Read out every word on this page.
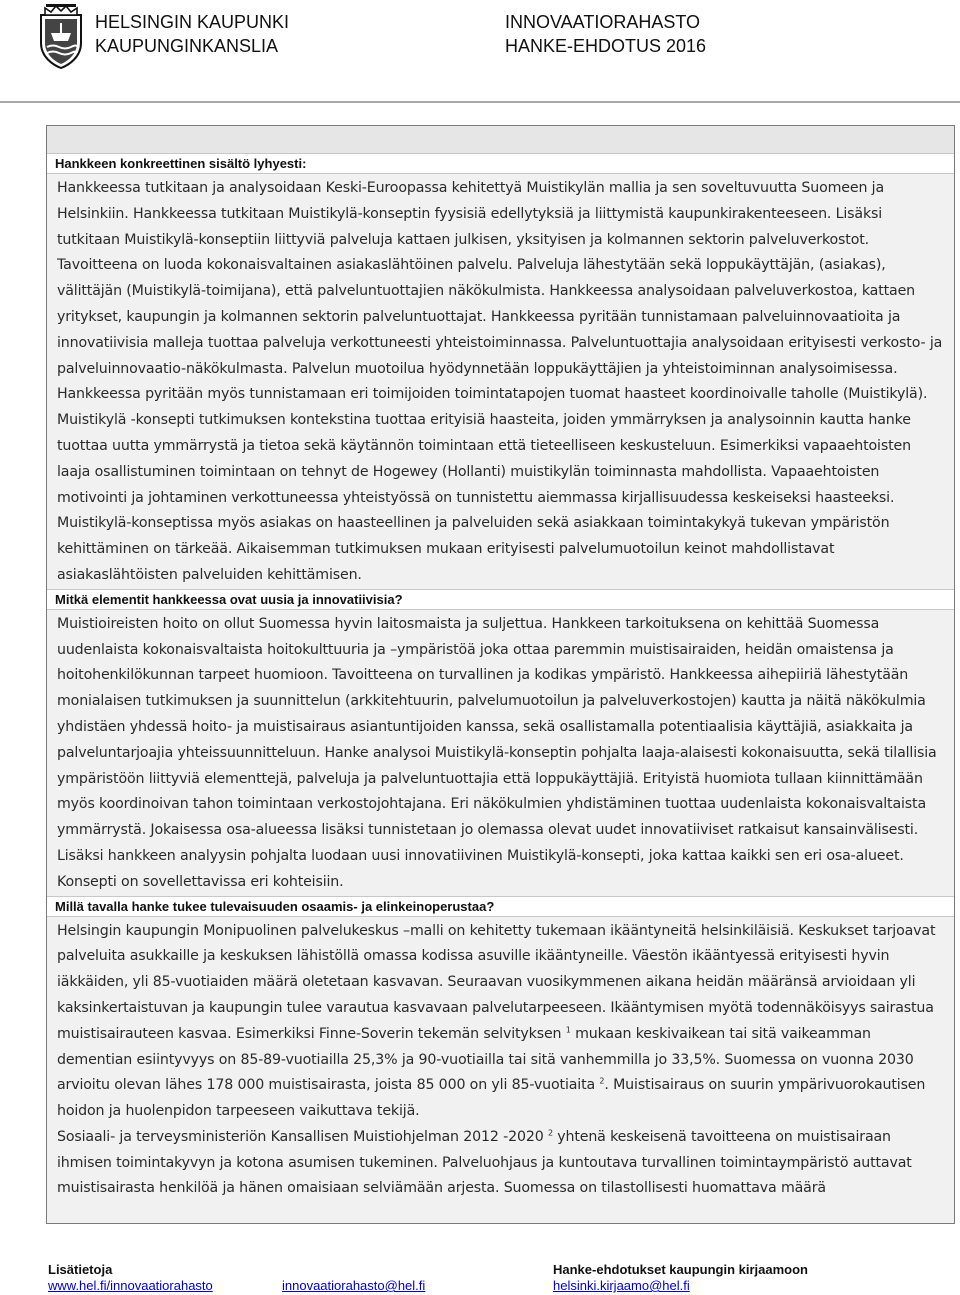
HELSINGIN KAUPUNKI
KAUPUNGINKANSLIA
INNOVAATIORAHASTO
HANKE-EHDOTUS 2016
Hankkeen konkreettinen sisältö lyhyesti:

Hankkeessa tutkitaan ja analysoidaan Keski-Euroopassa kehitettyä Muistikylän mallia ja sen soveltuvuutta Suomeen ja Helsinkiin. Hankkeessa tutkitaan Muistikylä-konseptin fyysisiä edellytyksiä ja liittymistä kaupunkirakenteeseen. Lisäksi tutkitaan Muistikylä-konseptiin liittyviä palveluja kattaen julkisen, yksityisen ja kolmannen sektorin palveluverkostot. Tavoitteena on luoda kokonaisvaltainen asiakaslähtöinen palvelu. Palveluja lähestytään sekä loppukäyttäjän, (asiakas), välittäjän (Muistikylä-toimijana), että palveluntuottajien näkökulmista. Hankkeessa analysoidaan palveluverkostoa, kattaen yritykset, kaupungin ja kolmannen sektorin palveluntuottajat. Hankkeessa pyritään tunnistamaan palveluinnovaatioita ja innovatiivisia malleja tuottaa palveluja verkottuneesti yhteistoiminnassa. Palveluntuottajia analysoidaan erityisesti verkosto- ja palveluinnovaatio-näkökulmasta. Palvelun muotoilua hyödynnetään loppukäyttäjien ja yhteistoiminnan analysoimisessa. Hankkeessa pyritään myös tunnistamaan eri toimijoiden toimintatapojen tuomat haasteet koordinoivalle taholle (Muistikylä).

Muistikylä -konsepti tutkimuksen kontekstina tuottaa erityisiä haasteita, joiden ymmärryksen ja analysoinnin kautta hanke tuottaa uutta ymmärrystä ja tietoa sekä käytännön toimintaan että tieteelliseen keskusteluun. Esimerkiksi vapaaehtoisten laaja osallistuminen toimintaan on tehnyt de Hogewey (Hollanti) muistikylän toiminnasta mahdollista. Vapaaehtoisten motivointi ja johtaminen verkottuneessa yhteistyössä on tunnistettu aiemmassa kirjallisuudessa keskeiseksi haasteeksi. Muistikylä-konseptissa myös asiakas on haasteellinen ja palveluiden sekä asiakkaan toimintakykyä tukevan ympäristön kehittäminen on tärkeää. Aikaisemman tutkimuksen mukaan erityisesti palvelumuotoilun keinot mahdollistavat asiakaslähtöisten palveluiden kehittämisen.

Mitkä elementit hankkeessa ovat uusia ja innovatiivisia?

Muistioireisten hoito on ollut Suomessa hyvin laitosmaista ja suljettua. Hankkeen tarkoituksena on kehittää Suomessa uudenlaista kokonaisvaltaista hoitokulttuuria ja –ympäristöä joka ottaa paremmin muistisairaiden, heidän omaistensa ja hoitohenkilökunnan tarpeet huomioon. Tavoitteena on turvallinen ja kodikas ympäristö. Hankkeessa aihepiiriä lähestytään monialaisen tutkimuksen ja suunnittelun (arkkitehtuurin, palvelumuotoilun ja palveluverkostojen) kautta ja näitä näkökulmia yhdistäen yhdessä hoito- ja muistisairaus asiantuntijoiden kanssa, sekä osallistamalla potentiaalisia käyttäjiä, asiakkaita ja palveluntarjoajia yhteissuunnitteluun. Hanke analysoi Muistikylä-konseptin pohjalta laaja-alaisesti kokonaisuutta, sekä tilallisia ympäristöön liittyviä elementtejä, palveluja ja palveluntuottajia että loppukäyttäjiä. Erityistä huomiota tullaan kiinnittämään myös koordinoivan tahon toimintaan verkostojohtajana. Eri näkökulmien yhdistäminen tuottaa uudenlaista kokonaisvaltaista ymmärrystä. Jokaisessa osa-alueessa lisäksi tunnistetaan jo olemassa olevat uudet innovatiiviset ratkaisut kansainvälisesti. Lisäksi hankkeen analyysin pohjalta luodaan uusi innovatiivinen Muistikylä-konsepti, joka kattaa kaikki sen eri osa-alueet. Konsepti on sovellettavissa eri kohteisiin.

Millä tavalla hanke tukee tulevaisuuden osaamis- ja elinkeinoperustaa?

Helsingin kaupungin Monipuolinen palvelukeskus –malli on kehitetty tukemaan ikääntyneitä helsinkiläisiä. Keskukset tarjoavat palveluita asukkaille ja keskuksen lähistöllä omassa kodissa asuville ikääntyneille. Väestön ikääntyessä erityisesti hyvin iäkkäiden, yli 85-vuotiaiden määrä oletetaan kasvavan. Seuraavan vuosikymmenen aikana heidän määränsä arvioidaan yli kaksinkertaistuvan ja kaupungin tulee varautua kasvavaan palvelutarpeeseen. Ikääntymisen myötä todennäköisyys sairastua muistisairauteen kasvaa. Esimerkiksi Finne-Soverin tekemän selvityksen $^1$ mukaan keskivaikean tai sitä vaikeamman dementian esiintyvyys on 85-89-vuotiailla 25,3% ja 90-vuotiailla tai sitä vanhemmilla jo 33,5%. Suomessa on vuonna 2030 arvioitu olevan lähes 178 000 muistisairasta, joista 85 000 on yli 85-vuotiaita $^2$. Muistisairaus on suurin ympärivuorokautisen hoidon ja huolenpidon tarpeeseen vaikuttava tekijä.

Sosiaali- ja terveysministeriön Kansallisen Muistiohjelman 2012 -2020 $^2$ yhtenä keskeisenä tavoitteena on muistisairaan ihmisen toimintakyvyn ja kotona asumisen tukeminen. Palveluohjaus ja kuntoutava turvallinen toimintaympäristö auttavat muistisairasta henkilöä ja hänen omaisiaan selviämään arjesta. Suomessa on tilastollisesti huomattava määrä

Lisätietoja
www.hel.fi/innovaatiorahasto	innovaatiorahasto@hel.fi
Hanke-ehdotukset kaupungin kirjaamoon
helsinki.kirjaamo@hel.fi
